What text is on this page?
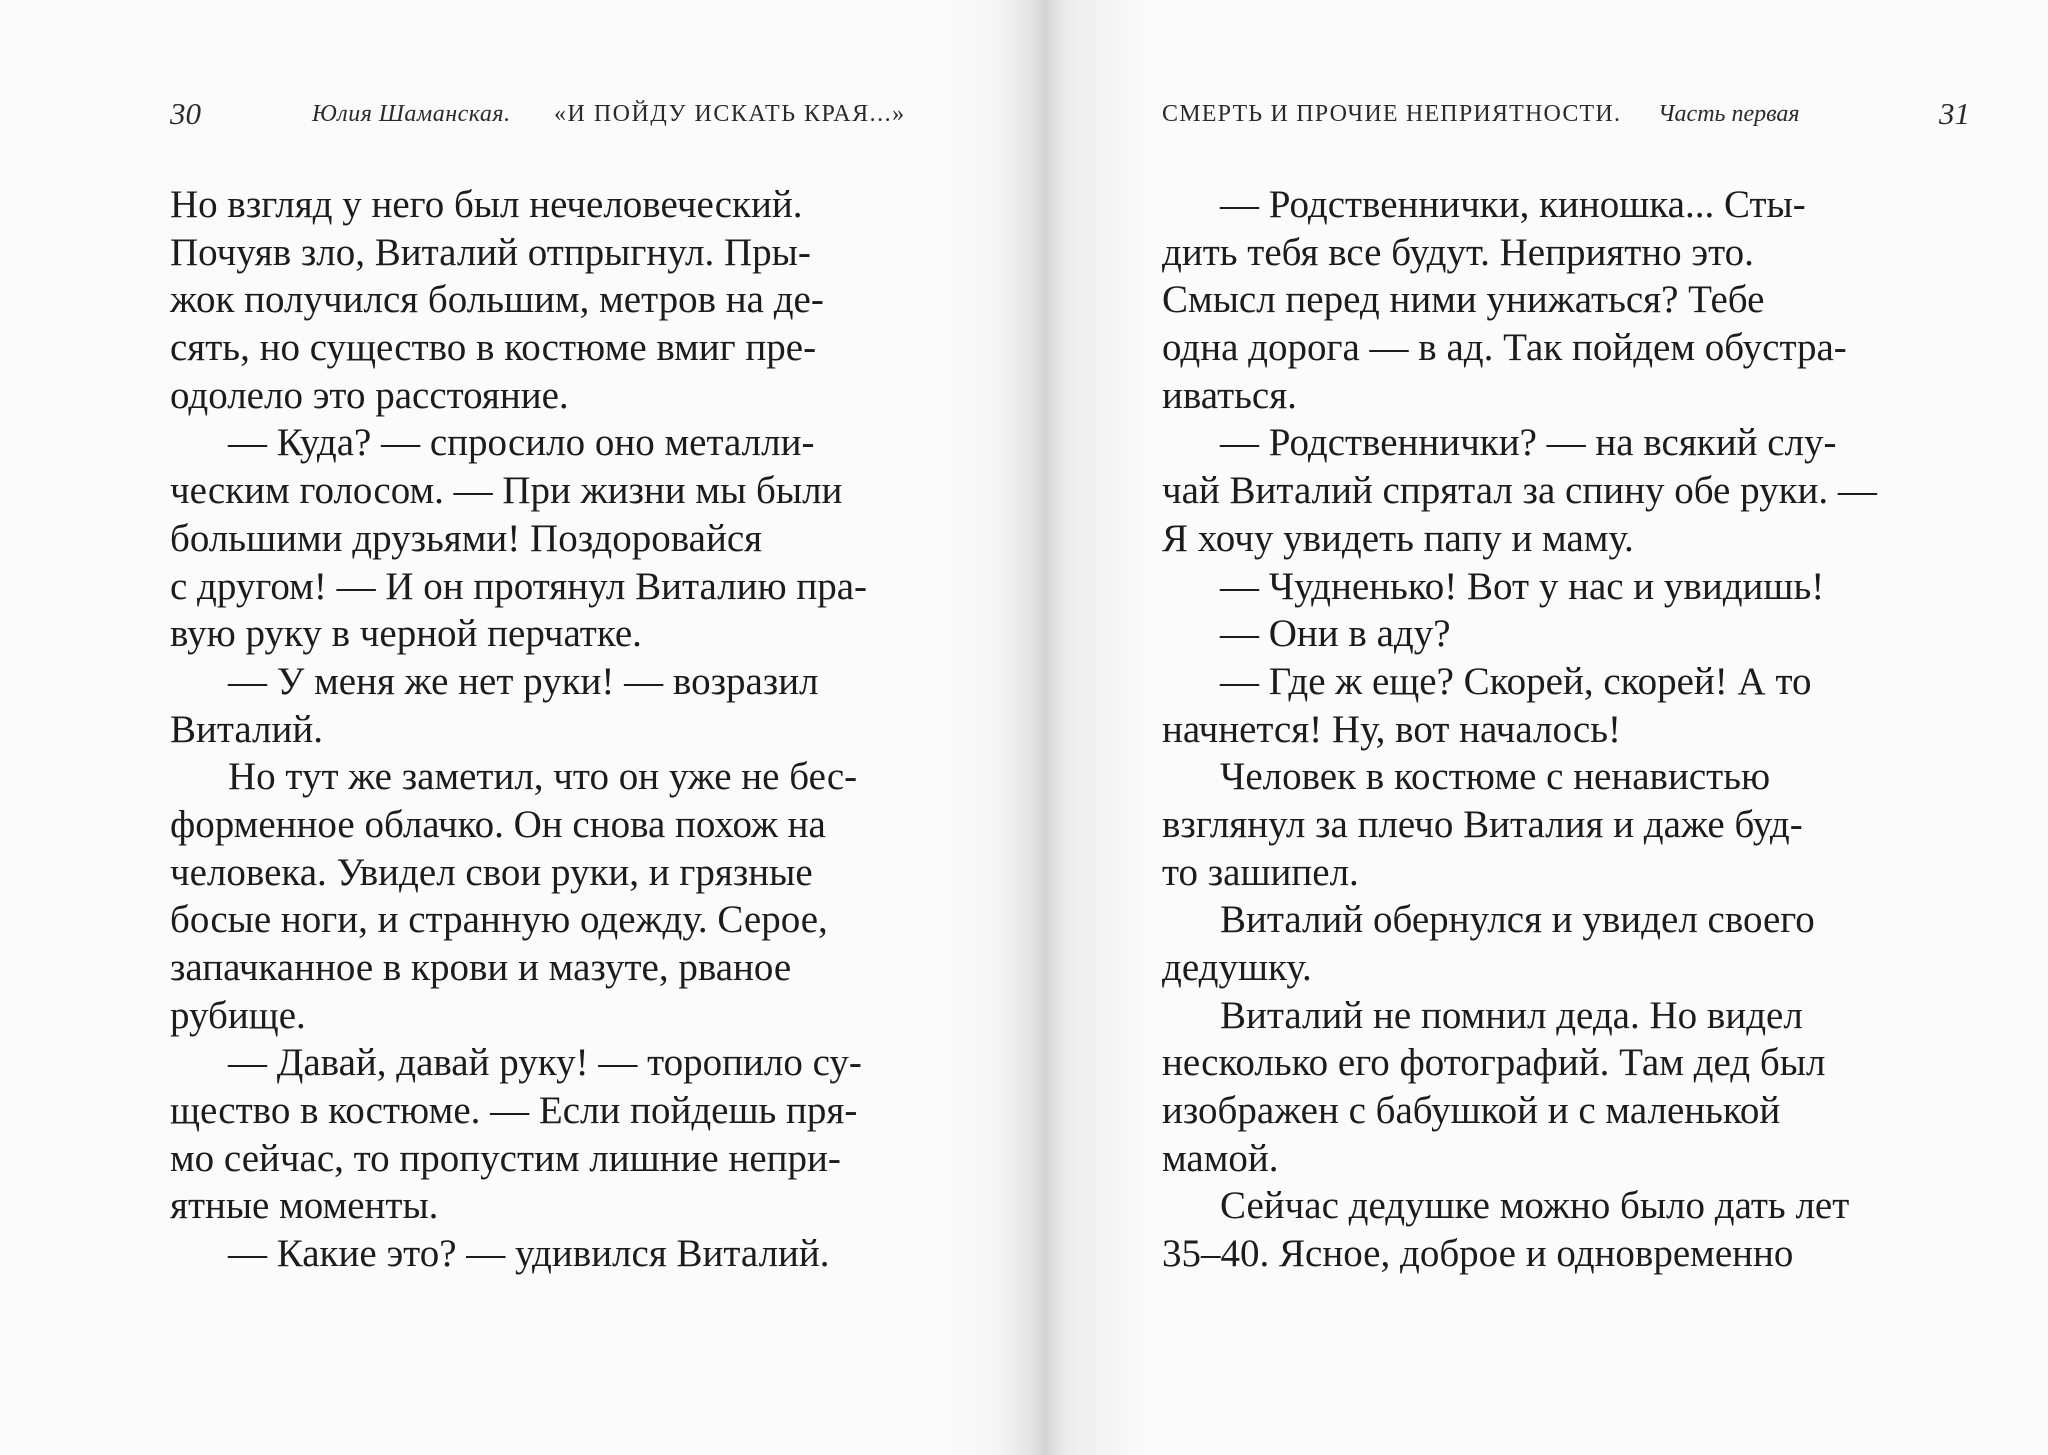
30	Юлия Шаманская. «И ПОЙДУ ИСКАТЬ КРАЯ...»
Но взгляд у него был нечеловеческий.
Почуяв зло, Виталий отпрыгнул. Пры-
жок получился большим, метров на де-
сять, но существо в костюме вмиг пре-
одолело это расстояние.
— Куда? — спросило оно металли-
ческим голосом. — При жизни мы были
большими друзьями! Поздоровайся
с другом! — И он протянул Виталию пра-
вую руку в черной перчатке.
— У меня же нет руки! — возразил
Виталий.
Но тут же заметил, что он уже не бес-
форменное облачко. Он снова похож на
человека. Увидел свои руки, и грязные
босые ноги, и странную одежду. Серое,
запачканное в крови и мазуте, рваное
рубище.
— Давай, давай руку! — торопило су-
щество в костюме. — Если пойдешь пря-
мо сейчас, то пропустим лишние непри-
ятные моменты.
— Какие это? — удивился Виталий.
СМЕРТЬ И ПРОЧИЕ НЕПРИЯТНОСТИ. Часть первая	31
— Родственнички, киношка... Сты-
дить тебя все будут. Неприятно это.
Смысл перед ними унижаться? Тебе
одна дорога — в ад. Так пойдем обустра-
иваться.
— Родственнички? — на всякий слу-
чай Виталий спрятал за спину обе руки. —
Я хочу увидеть папу и маму.
— Чудненько! Вот у нас и увидишь!
— Они в аду?
— Где ж еще? Скорей, скорей! А то
начнется! Ну, вот началось!
Человек в костюме с ненавистью
взглянул за плечо Виталия и даже буд-
то зашипел.
Виталий обернулся и увидел своего
дедушку.
Виталий не помнил деда. Но видел
несколько его фотографий. Там дед был
изображен с бабушкой и с маленькой
мамой.
Сейчас дедушке можно было дать лет
35–40. Ясное, доброе и одновременно
